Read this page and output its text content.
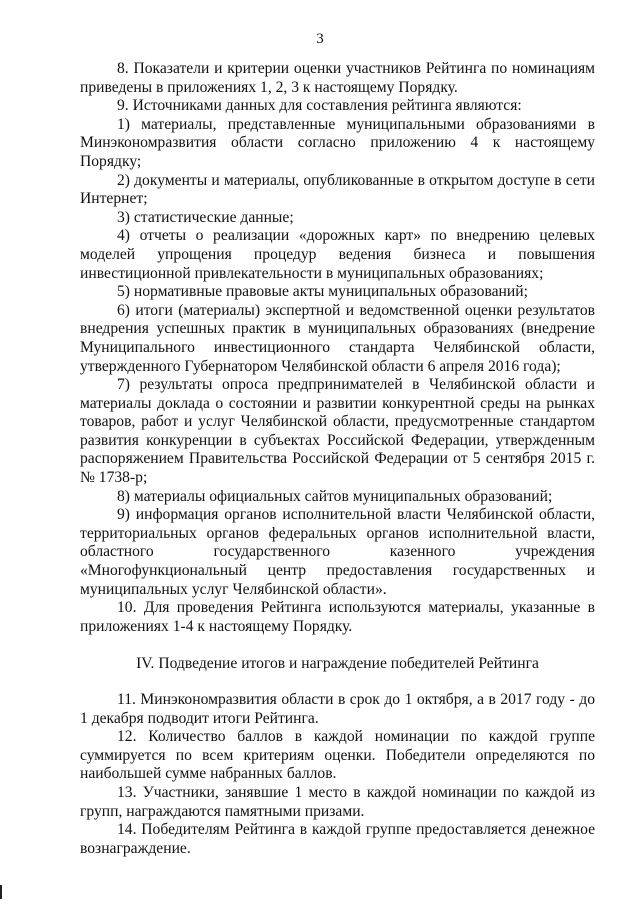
3

8. Показатели и критерии оценки участников Рейтинга по номинациям приведены в приложениях 1, 2, 3 к настоящему Порядку.

9. Источниками данных для составления рейтинга являются:

1) материалы, представленные муниципальными образованиями в Минэкономразвития области согласно приложению 4 к настоящему Порядку;

2) документы и материалы, опубликованные в открытом доступе в сети Интернет;

3) статистические данные;

4) отчеты о реализации «дорожных карт» по внедрению целевых моделей упрощения процедур ведения бизнеса и повышения инвестиционной привлекательности в муниципальных образованиях;

5) нормативные правовые акты муниципальных образований;

6) итоги (материалы) экспертной и ведомственной оценки результатов внедрения успешных практик в муниципальных образованиях (внедрение Муниципального инвестиционного стандарта Челябинской области, утвержденного Губернатором Челябинской области 6 апреля 2016 года);

7) результаты опроса предпринимателей в Челябинской области и материалы доклада о состоянии и развитии конкурентной среды на рынках товаров, работ и услуг Челябинской области, предусмотренные стандартом развития конкуренции в субъектах Российской Федерации, утвержденным распоряжением Правительства Российской Федерации от 5 сентября 2015 г. № 1738-р;

8) материалы официальных сайтов муниципальных образований;

9) информация органов исполнительной власти Челябинской области, территориальных органов федеральных органов исполнительной власти, областного государственного казенного учреждения «Многофункциональный центр предоставления государственных и муниципальных услуг Челябинской области».

10. Для проведения Рейтинга используются материалы, указанные в приложениях 1-4 к настоящему Порядку.

IV. Подведение итогов и награждение победителей Рейтинга

11. Минэкономразвития области в срок до 1 октября, а в 2017 году - до 1 декабря подводит итоги Рейтинга.

12. Количество баллов в каждой номинации по каждой группе суммируется по всем критериям оценки. Победители определяются по наибольшей сумме набранных баллов.

13. Участники, занявшие 1 место в каждой номинации по каждой из групп, награждаются памятными призами.

14. Победителям Рейтинга в каждой группе предоставляется денежное вознаграждение.
